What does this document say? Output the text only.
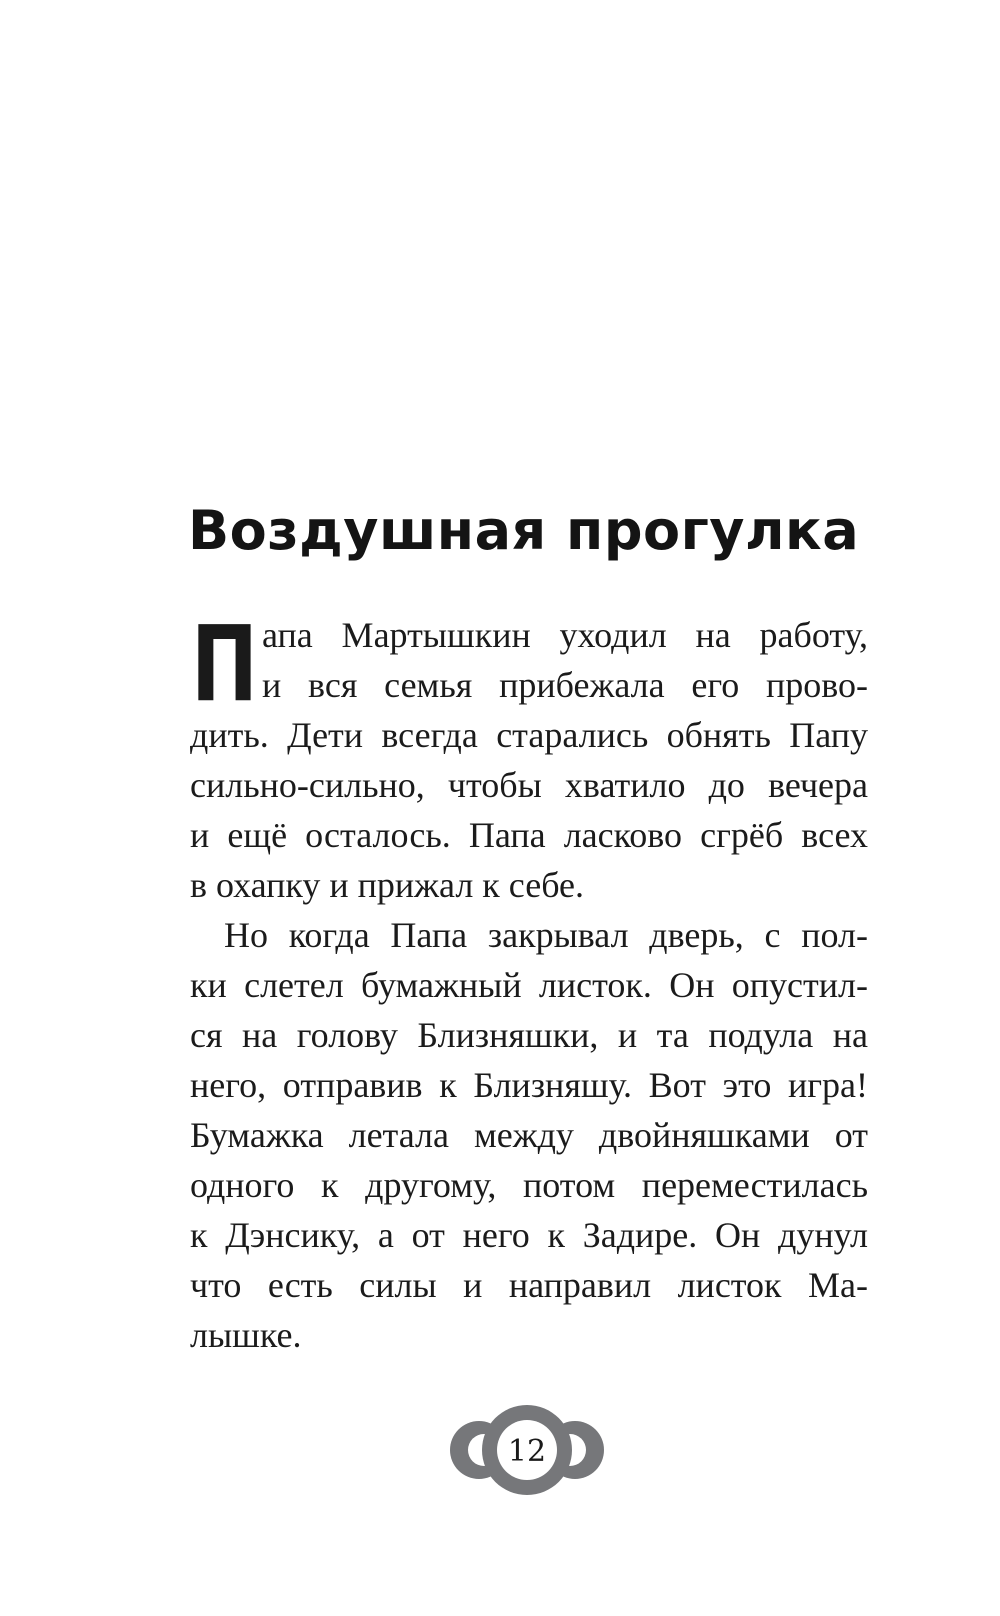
Воздушная прогулка
П апа Мартышкин уходил на работу,
и вся семья прибежала его прово-
дить. Дети всегда старались обнять Папу
сильно-сильно, чтобы хватило до вечера
и ещё осталось. Папа ласково сгрёб всех
в охапку и прижал к себе.
Но когда Папа закрывал дверь, с пол-
ки слетел бумажный листок. Он опустил-
ся на голову Близняшки, и та подула на
него, отправив к Близняшу. Вот это игра!
Бумажка летала между двойняшками от
одного к другому, потом переместилась
к Дэнсику, а от него к Задире. Он дунул
что есть силы и направил листок Ма-
лышке.
12
